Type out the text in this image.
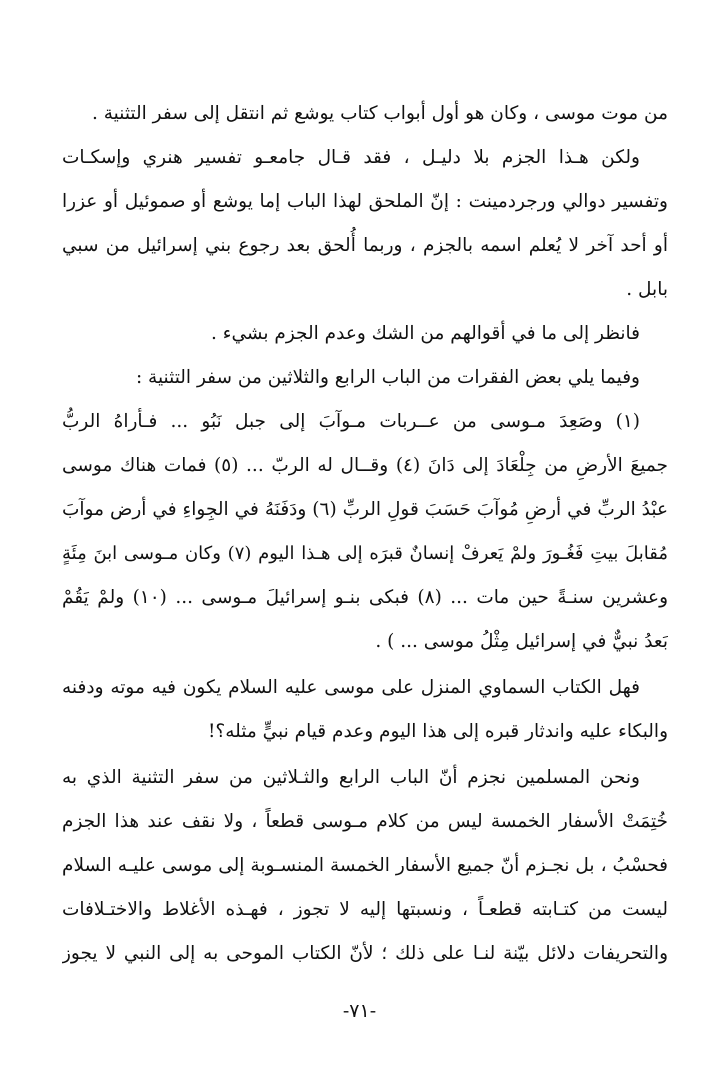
من موت موسى ، وكان هو أول أبواب كتاب يوشع ثم انتقل إلى سفر التثنية .
ولكن هـذا الجزم بلا دليـل ، فقد قـال جامعـو تفسير هنري وإسكـات
وتفسير دوالي ورجردمينت : إنّ الملحق لهذا الباب إما يوشع أو صموئيل أو عزرا
أو أحد آخر لا يُعلم اسمه بالجزم ، وربما أُلحق بعد رجوع بني إسرائيل من سبي
بابل .
فانظر إلى ما في أقوالهم من الشك وعدم الجزم بشيء .
وفيما يلي بعض الفقرات من الباب الرابع والثلاثين من سفر التثنية :
(١) وصَعِدَ مـوسى من عــربات مـوآبَ إلى جبل نَبُو ... فـأراهُ الربُّ
جميعَ الأرضِ من جِلْعَادَ إلى دَانَ (٤) وقــال له الربّ ... (٥) فمات هناك موسى
عبْدُ الربِّ في أرضِ مُوآبَ حَسَبَ قولِ الربِّ (٦) ودَفَنَهُ في الجِواءِ في أرض موآبَ
مُقابلَ بيتِ فَغُـورَ ولمْ يَعرفْ إنسانٌ قبرَه إلى هـذا اليوم (٧) وكان مـوسى ابنَ مِئَةٍ
وعشرين سنـةً حين مات ... (٨) فبكى بنـو إسرائيلَ مـوسى ... (١٠) ولمْ يَقُمْ
بَعدُ نبيٌّ في إسرائيل مِثْلُ موسى ... ) .
فهل الكتاب السماوي المنزل على موسى عليه السلام يكون فيه موته ودفنه
والبكاء عليه واندثار قبره إلى هذا اليوم وعدم قيام نبيٍّ مثله؟!
ونحن المسلمين نجزم أنّ الباب الرابع والثـلاثين من سفر التثنية الذي به
خُتِمَتْ الأسفار الخمسة ليس من كلام مـوسى قطعاً ، ولا نقف عند هذا الجزم
فحسْبُ ، بل نجـزم أنّ جميع الأسفار الخمسة المنسـوبة إلى موسى عليـه السلام
ليست من كتـابته قطعـاً ، ونسبتها إليه لا تجوز ، فهـذه الأغلاط والاختـلافات
والتحريفات دلائل بيّنة لنـا على ذلك ؛ لأنّ الكتاب الموحى به إلى النبي لا يجوز
-٧١-
